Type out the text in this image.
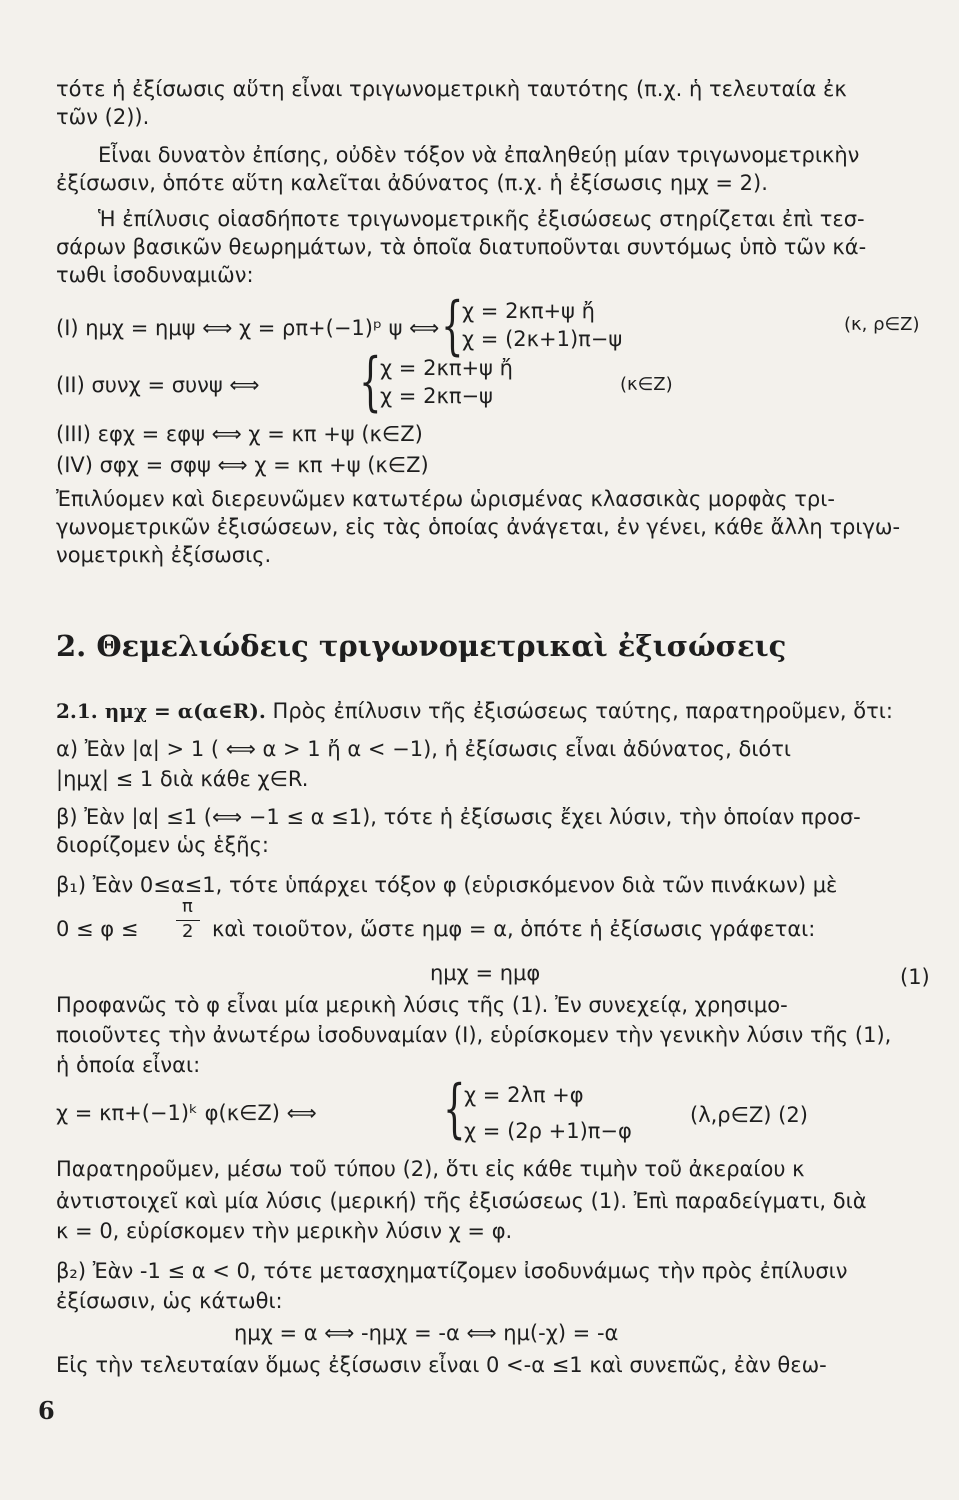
τότε ἡ ἐξίσωσις αὕτη εἶναι τριγωνομετρικὴ ταυτότης (π.χ. ἡ τελευταία ἐκ
τῶν (2)).
Εἶναι δυνατὸν ἐπίσης, οὐδὲν τόξον νὰ ἐπαληθεύῃ μίαν τριγωνομετρικὴν
ἐξίσωσιν, ὁπότε αὕτη καλεῖται ἀδύνατος (π.χ. ἡ ἐξίσωσις ημχ = 2).
Ἡ ἐπίλυσις οἱασδήποτε τριγωνομετρικῆς ἐξισώσεως στηρίζεται ἐπὶ τεσ-
σάρων βασικῶν θεωρημάτων, τὰ ὁποῖα διατυποῦνται συντόμως ὑπὸ τῶν κά-
τωθι ἰσοδυναμιῶν:
(Ι) ημχ = ημψ ⟺ χ = ρπ+(−1)ᵖ ψ ⟺ {
χ = 2κπ+ψ ἤ
χ = (2κ+1)π−ψ
(κ, ρ∈Z)
(ΙΙ) συνχ = συνψ ⟺ {
χ = 2κπ+ψ ἤ
χ = 2κπ−ψ	(κ∈Z)
(ΙΙΙ) εφχ = εφψ ⟺ χ = κπ +ψ (κ∈Z)
(ΙV) σφχ = σφψ ⟺ χ = κπ +ψ (κ∈Z)
Ἐπιλύομεν καὶ διερευνῶμεν κατωτέρω ὡρισμένας κλασσικὰς μορφὰς τρι-
γωνομετρικῶν ἐξισώσεων, εἰς τὰς ὁποίας ἀνάγεται, ἐν γένει, κάθε ἄλλη τριγω-
νομετρικὴ ἐξίσωσις.
2. Θεμελιώδεις τριγωνομετρικαὶ ἐξισώσεις
2.1. ημχ = α(α∈R). Πρὸς ἐπίλυσιν τῆς ἐξισώσεως ταύτης, παρατηροῦμεν, ὅτι:
α) Ἐὰν |α| > 1 ( ⟺ α > 1 ἤ α < −1), ἡ ἐξίσωσις εἶναι ἀδύνατος, διότι
|ημχ| ≤ 1 διὰ κάθε χ∈R.
β) Ἐὰν |α| ≤1 (⟺ −1 ≤ α ≤1), τότε ἡ ἐξίσωσις ἔχει λύσιν, τὴν ὁποίαν προσ-
διορίζομεν ὡς ἑξῆς:
β₁) Ἐὰν 0≤α≤1, τότε ὑπάρχει τόξον φ (εὑρισκόμενον διὰ τῶν πινάκων) μὲ
0 ≤ φ ≤
π
2 καὶ τοιοῦτον, ὥστε ημφ = α, ὁπότε ἡ ἐξίσωσις γράφεται:
ημχ = ημφ	(1)
Προφανῶς τὸ φ εἶναι μία μερικὴ λύσις τῆς (1). Ἐν συνεχείᾳ, χρησιμο-
ποιοῦντες τὴν ἀνωτέρω ἰσοδυναμίαν (Ι), εὑρίσκομεν τὴν γενικὴν λύσιν τῆς (1),
ἡ ὁποία εἶναι:
χ = κπ+(−1)ᵏ φ(κ∈Z) ⟺ {
χ = 2λπ +φ
χ = (2ρ +1)π−φ
(λ,ρ∈Z) (2)
Παρατηροῦμεν, μέσω τοῦ τύπου (2), ὅτι εἰς κάθε τιμὴν τοῦ ἀκεραίου κ
ἀντιστοιχεῖ καὶ μία λύσις (μερική) τῆς ἐξισώσεως (1). Ἐπὶ παραδείγματι, διὰ
κ = 0, εὑρίσκομεν τὴν μερικὴν λύσιν χ = φ.
β₂) Ἐὰν -1 ≤ α < 0, τότε μετασχηματίζομεν ἰσοδυνάμως τὴν πρὸς ἐπίλυσιν
ἐξίσωσιν, ὡς κάτωθι:
ημχ = α ⟺ -ημχ = -α ⟺ ημ(-χ) = -α
Εἰς τὴν τελευταίαν ὅμως ἐξίσωσιν εἶναι 0 <-α ≤1 καὶ συνεπῶς, ἐὰν θεω-
6
